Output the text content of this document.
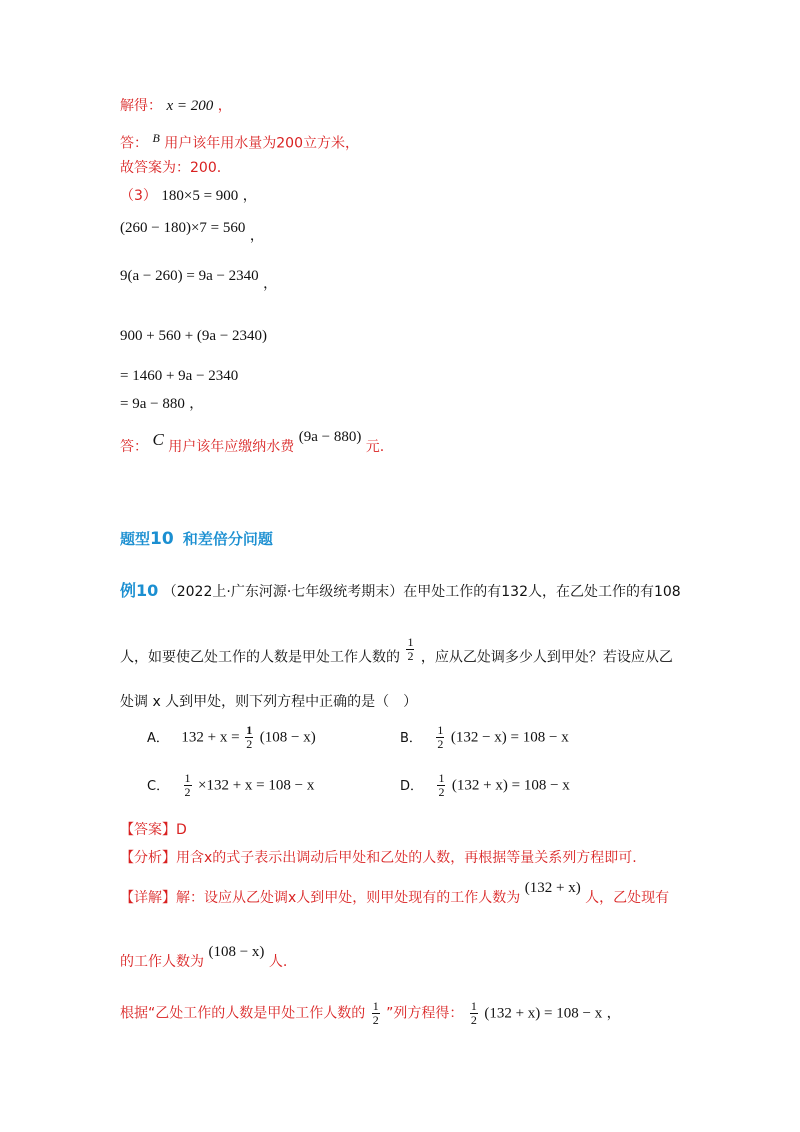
解得： x = 200 ，
答： B 用户该年用水量为200立方米，
故答案为：200.
（3） 180×5 = 900 ，
(260 − 180)×7 = 560 ，
9(a − 260) = 9a − 2340 ，
900 + 560 + (9a − 2340)
= 1460 + 9a − 2340
= 9a − 880 ，
答： C 用户该年应缴纳水费 (9a − 880) 元.
题型10 和差倍分问题
例10 （2022上·广东河源·七年级统考期末）在甲处工作的有132人，在乙处工作的有108
人，如要使乙处工作的人数是甲处工作人数的 $\frac{1}{2}$ ，应从乙处调多少人到甲处？若设应从乙
处调 x 人到甲处，则下列方程中正确的是（　）
A． $132 + x = \frac{1}{2} (108 - x)$	B． $\frac{1}{2} (132 - x) = 108 - x$
C． $\frac{1}{2} \times 132 + x = 108 - x$	D． $\frac{1}{2} (132 + x) = 108 - x$
【答案】D
【分析】用含x的式子表示出调动后甲处和乙处的人数，再根据等量关系列方程即可.
【详解】解：设应从乙处调x人到甲处，则甲处现有的工作人数为 (132 + x) 人，乙处现有
的工作人数为 (108 − x) 人.
根据“乙处工作的人数是甲处工作人数的 $\frac{1}{2}$ ”列方程得： $\frac{1}{2} (132 + x) = 108 - x$ ，
